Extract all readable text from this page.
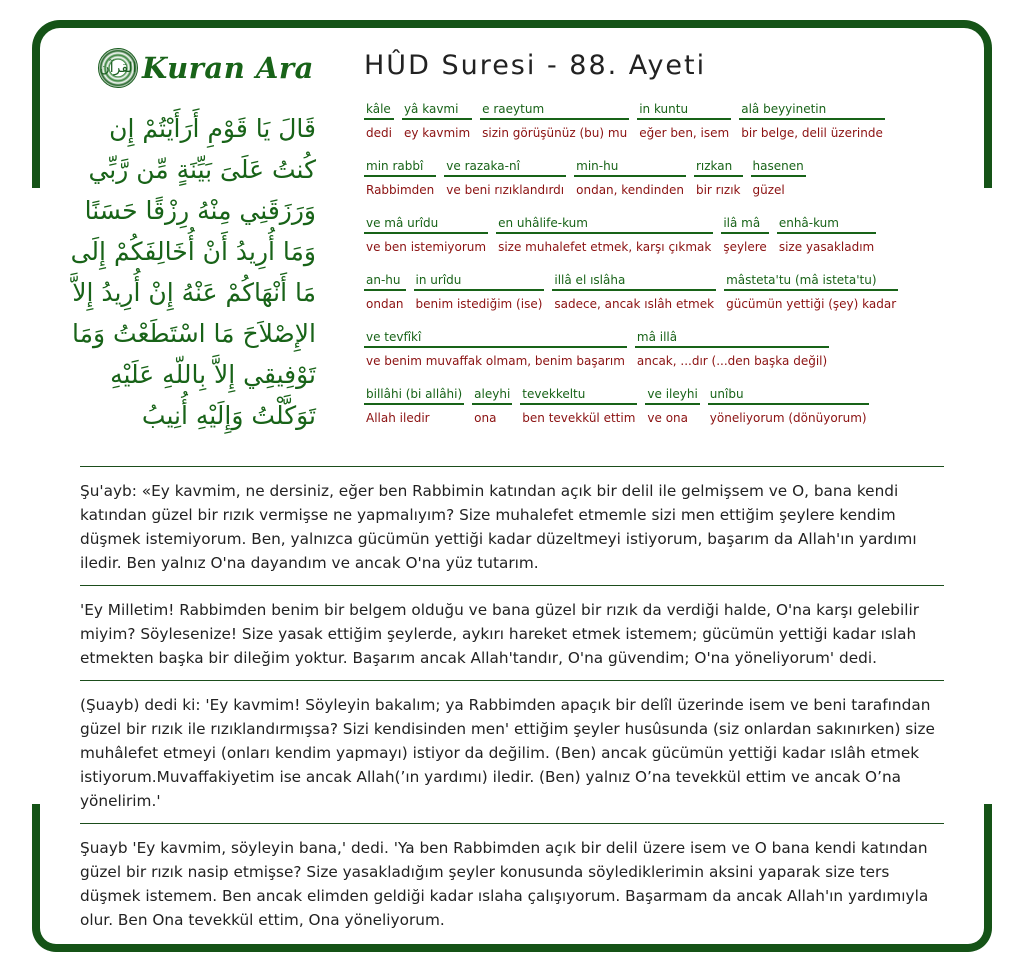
القرآن Kuran Ara HÛD Suresi - 88. Ayeti
قَالَ يَا قَوْمِ أَرَأَيْتُمْ إِن
كُنتُ عَلَىَ بَيِّنَةٍ مِّن رَّبِّي
وَرَزَقَنِي مِنْهُ رِزْقًا حَسَنًا
وَمَا أُرِيدُ أَنْ أُخَالِفَكُمْ إِلَى
مَا أَنْهَاكُمْ عَنْهُ إِنْ أُرِيدُ إِلاَّ
الإِصْلاَحَ مَا اسْتَطَعْتُ وَمَا
تَوْفِيقِي إِلاَّ بِاللّهِ عَلَيْهِ
تَوَكَّلْتُ وَإِلَيْهِ أُنِيبُ
kâle
dedi
yâ kavmi
ey kavmim
e raeytum
sizin görüşünüz (bu) mu
in kuntu
eğer ben, isem
alâ beyyinetin
bir belge, delil üzerinde
min rabbî
Rabbimden
ve razaka-nî
ve beni rızıklandırdı
min-hu
ondan, kendinden
rızkan
bir rızık
hasenen
güzel
ve mâ urîdu
ve ben istemiyorum
en uhâlife-kum
size muhalefet etmek, karşı çıkmak
ilâ mâ
şeylere
enhâ-kum
size yasakladım
an-hu
ondan
in urîdu
benim istediğim (ise)
illâ el ıslâha
sadece, ancak ıslâh etmek
mâsteta'tu (mâ isteta'tu)
gücümün yettiği (şey) kadar
ve tevfîkî
ve benim muvaffak olmam, benim başarım
mâ illâ
ancak, ...dır (...den başka değil)
billâhi (bi allâhi)
Allah iledir
aleyhi
ona
tevekkeltu
ben tevekkül ettim
ve ileyhi
ve ona
unîbu
yöneliyorum (dönüyorum)

Şu'ayb: «Ey kavmim, ne dersiniz, eğer ben Rabbimin katından açık bir delil ile gelmişsem ve O, bana kendi katından güzel bir rızık vermişse ne yapmalıyım? Size muhalefet etmemle sizi men ettiğim şeylere kendim düşmek istemiyorum. Ben, yalnızca gücümün yettiği kadar düzeltmeyi istiyorum, başarım da Allah'ın yardımı iledir. Ben yalnız O'na dayandım ve ancak O'na yüz tutarım.

'Ey Milletim! Rabbimden benim bir belgem olduğu ve bana güzel bir rızık da verdiği halde, O'na karşı gelebilir miyim? Söylesenize! Size yasak ettiğim şeylerde, aykırı hareket etmek istemem; gücümün yettiği kadar ıslah etmekten başka bir dileğim yoktur. Başarım ancak Allah'tandır, O'na güvendim; O'na yöneliyorum' dedi.

(Şuayb) dedi ki: 'Ey kavmim! Söyleyin bakalım; ya Rabbimden apaçık bir delîl üzerinde isem ve beni tarafından güzel bir rızık ile rızıklandırmışsa? Sizi kendisinden men' ettiğim şeyler husûsunda (siz onlardan sakınırken) size muhâlefet etmeyi (onları kendim yapmayı) istiyor da değilim. (Ben) ancak gücümün yettiği kadar ıslâh etmek istiyorum.Muvaffakiyetim ise ancak Allah(’ın yardımı) iledir. (Ben) yalnız O’na tevekkül ettim ve ancak O’na yönelirim.'

Şuayb 'Ey kavmim, söyleyin bana,' dedi. 'Ya ben Rabbimden açık bir delil üzere isem ve O bana kendi katından güzel bir rızık nasip etmişse? Size yasakladığım şeyler konusunda söylediklerimin aksini yaparak size ters düşmek istemem. Ben ancak elimden geldiği kadar ıslaha çalışıyorum. Başarmam da ancak Allah'ın yardımıyla olur. Ben Ona tevekkül ettim, Ona yöneliyorum.
